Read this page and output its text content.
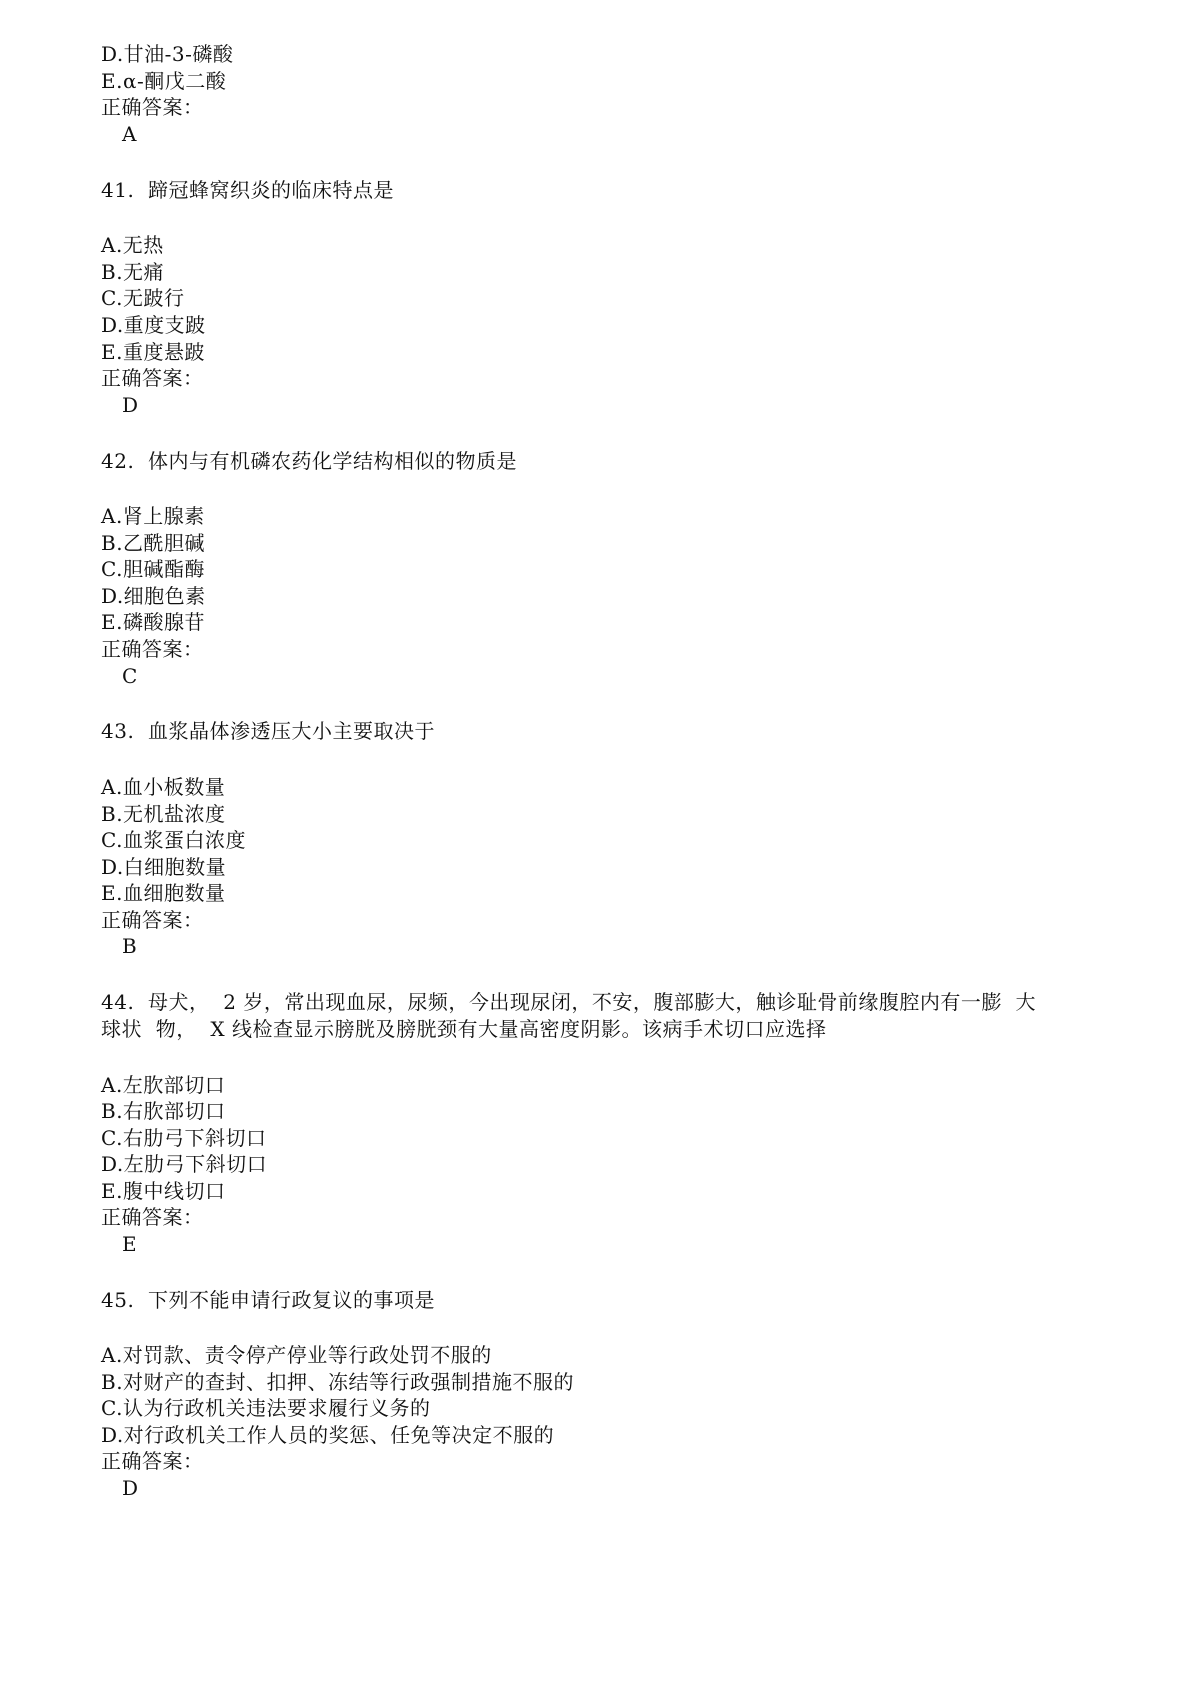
D.甘油-3-磷酸
E.α-酮戊二酸
正确答案：
A
41.  蹄冠蜂窝织炎的临床特点是
A.无热
B.无痛
C.无跛行
D.重度支跛
E.重度悬跛
正确答案：
D
42.  体内与有机磷农药化学结构相似的物质是
A.肾上腺素
B.乙酰胆碱
C.胆碱酯酶
D.细胞色素
E.磷酸腺苷
正确答案：
C
43.  血浆晶体渗透压大小主要取决于
A.血小板数量
B.无机盐浓度
C.血浆蛋白浓度
D.白细胞数量
E.血细胞数量
正确答案：
B
44.  母犬，  2 岁，常出现血尿，尿频，今出现尿闭，不安，腹部膨大，触诊耻骨前缘腹腔内有一膨  大
球状  物，  X 线检查显示膀胱及膀胱颈有大量高密度阴影。该病手术切口应选择
A.左肷部切口
B.右肷部切口
C.右肋弓下斜切口
D.左肋弓下斜切口
E.腹中线切口
正确答案：
E
45.  下列不能申请行政复议的事项是
A.对罚款、责令停产停业等行政处罚不服的
B.对财产的查封、扣押、冻结等行政强制措施不服的
C.认为行政机关违法要求履行义务的
D.对行政机关工作人员的奖惩、任免等决定不服的
正确答案：
D
